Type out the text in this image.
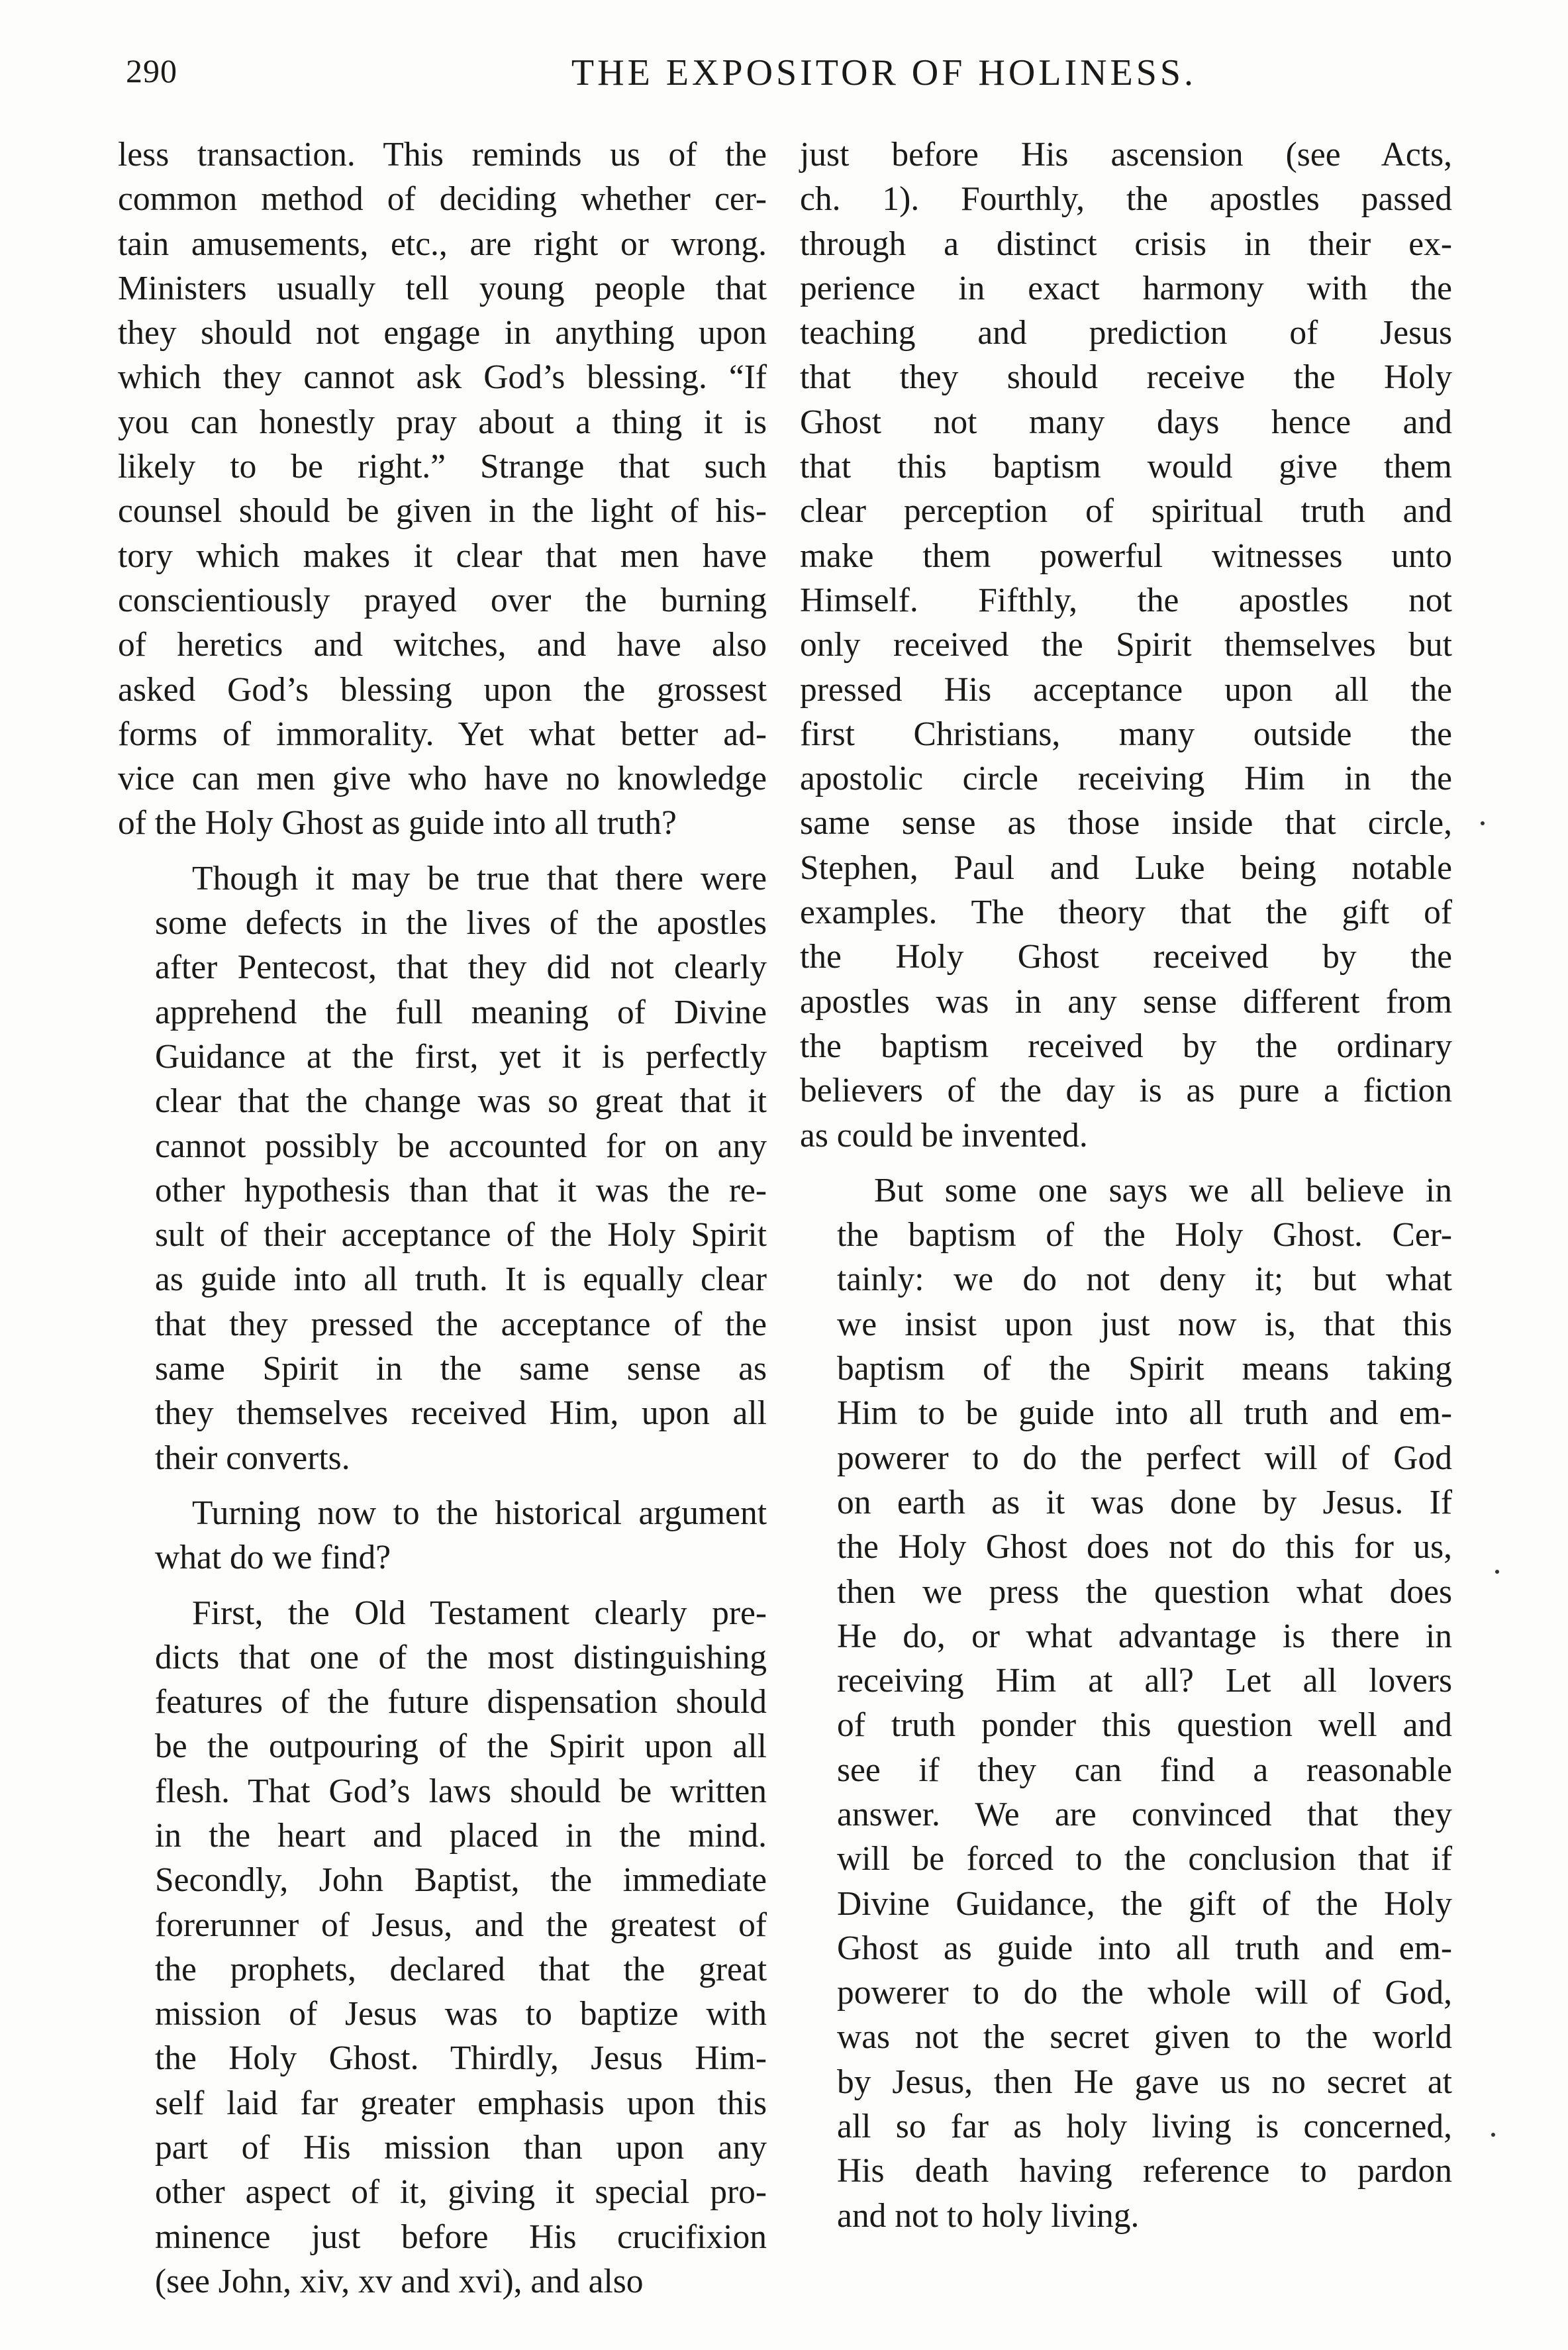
290	THE EXPOSITOR OF HOLINESS.

less transaction. This reminds us of the
common method of deciding whether cer-
tain amusements, etc., are right or wrong.
Ministers usually tell young people that
they should not engage in anything upon
which they cannot ask God’s blessing. “If
you can honestly pray about a thing it is
likely to be right.” Strange that such
counsel should be given in the light of his-
tory which makes it clear that men have
conscientiously prayed over the burning
of heretics and witches, and have also
asked God’s blessing upon the grossest
forms of immorality. Yet what better ad-
vice can men give who have no knowledge
of the Holy Ghost as guide into all truth?

Though it may be true that there were
some defects in the lives of the apostles
after Pentecost, that they did not clearly
apprehend the full meaning of Divine
Guidance at the first, yet it is perfectly
clear that the change was so great that it
cannot possibly be accounted for on any
other hypothesis than that it was the re-
sult of their acceptance of the Holy Spirit
as guide into all truth. It is equally clear
that they pressed the acceptance of the
same Spirit in the same sense as
they themselves received Him, upon all
their converts.

Turning now to the historical argument
what do we find?

First, the Old Testament clearly pre-
dicts that one of the most distinguishing
features of the future dispensation should
be the outpouring of the Spirit upon all
flesh. That God’s laws should be written
in the heart and placed in the mind.
Secondly, John Baptist, the immediate
forerunner of Jesus, and the greatest of
the prophets, declared that the great
mission of Jesus was to baptize with
the Holy Ghost. Thirdly, Jesus Him-
self laid far greater emphasis upon this
part of His mission than upon any
other aspect of it, giving it special pro-
minence just before His crucifixion
(see John, xiv, xv and xvi), and also

just before His ascension (see Acts,
ch. 1). Fourthly, the apostles passed
through a distinct crisis in their ex-
perience in exact harmony with the
teaching and prediction of Jesus
that they should receive the Holy
Ghost not many days hence and
that this baptism would give them
clear perception of spiritual truth and
make them powerful witnesses unto
Himself. Fifthly, the apostles not
only received the Spirit themselves but
pressed His acceptance upon all the
first Christians, many outside the
apostolic circle receiving Him in the
same sense as those inside that circle,
Stephen, Paul and Luke being notable
examples. The theory that the gift of
the Holy Ghost received by the
apostles was in any sense different from
the baptism received by the ordinary
believers of the day is as pure a fiction
as could be invented.

But some one says we all believe in
the baptism of the Holy Ghost. Cer-
tainly: we do not deny it; but what
we insist upon just now is, that this
baptism of the Spirit means taking
Him to be guide into all truth and em-
powerer to do the perfect will of God
on earth as it was done by Jesus. If
the Holy Ghost does not do this for us,
then we press the question what does
He do, or what advantage is there in
receiving Him at all? Let all lovers
of truth ponder this question well and
see if they can find a reasonable
answer. We are convinced that they
will be forced to the conclusion that if
Divine Guidance, the gift of the Holy
Ghost as guide into all truth and em-
powerer to do the whole will of God,
was not the secret given to the world
by Jesus, then He gave us no secret at
all so far as holy living is concerned,
His death having reference to pardon
and not to holy living.
